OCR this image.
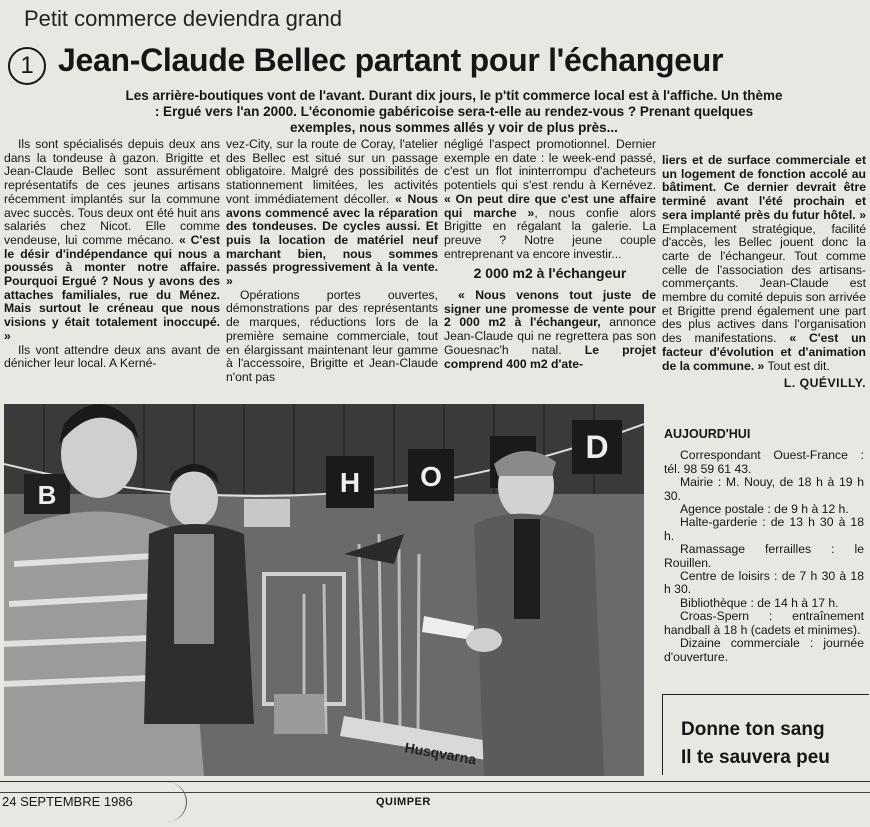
Petit commerce deviendra grand
1 Jean-Claude Bellec partant pour l'échangeur
Les arrière-boutiques vont de l'avant. Durant dix jours, le p'tit commerce local est à l'affiche. Un thème : Ergué vers l'an 2000. L'économie gabéricoise sera-t-elle au rendez-vous ? Prenant quelques exemples, nous sommes allés y voir de plus près...

Ils sont spécialisés depuis deux ans dans la tondeuse à gazon. Brigitte et Jean-Claude Bellec sont assurément représentatifs de ces jeunes artisans récemment implantés sur la commune avec succès. Tous deux ont été huit ans salariés chez Nicot. Elle comme vendeuse, lui comme mécano. « C'est le désir d'indépendance qui nous a poussés à monter notre affaire. Pourquoi Ergué ? Nous y avons des attaches familiales, rue du Ménez. Mais surtout le créneau que nous visions y était totalement inoccupé. »

Ils vont attendre deux ans avant de dénicher leur local. A Kerné-

vez-City, sur la route de Coray, l'atelier des Bellec est situé sur un passage obligatoire. Malgré des possibilités de stationnement limitées, les activités vont immédiatement décoller. « Nous avons commencé avec la réparation des tondeuses. De cycles aussi. Et puis la location de matériel neuf marchant bien, nous sommes passés progressivement à la vente. »

Opérations portes ouvertes, démonstrations par des représentants de marques, réductions lors de la première semaine commerciale, tout en élargissant maintenant leur gamme à l'accessoire, Brigitte et Jean-Claude n'ont pas

négligé l'aspect promotionnel. Dernier exemple en date : le week-end passé, c'est un flot ininterrompu d'acheteurs potentiels qui s'est rendu à Kernévez. « On peut dire que c'est une affaire qui marche », nous confie alors Brigitte en régalant la galerie. La preuve ? Notre jeune couple entreprenant va encore investir...

2 000 m2 à l'échangeur

« Nous venons tout juste de signer une promesse de vente pour 2 000 m2 à l'échangeur, annonce Jean-Claude qui ne regrettera pas son Gouesnac'h natal. Le projet comprend 400 m2 d'ate-

liers et de surface commerciale et un logement de fonction accolé au bâtiment. Ce dernier devrait être terminé avant l'été prochain et sera implanté près du futur hôtel. » Emplacement stratégique, facilité d'accès, les Bellec jouent donc la carte de l'échangeur. Tout comme celle de l'association des artisans-commerçants. Jean-Claude est membre du comité depuis son arrivée et Brigitte prend également une part des plus actives dans l'organisation des manifestations. « C'est un facteur d'évolution et d'animation de la commune. » Tout est dit.

L. QUÉVILLY.
B	H O
D
Husqvarna
AUJOURD'HUI

Correspondant Ouest-France : tél. 98 59 61 43.

Mairie : M. Nouy, de 18 h à 19 h 30.

Agence postale : de 9 h à 12 h.

Halte-garderie : de 13 h 30 à 18 h.

Ramassage ferrailles : le Rouillen.

Centre de loisirs : de 7 h 30 à 18 h 30.

Bibliothèque : de 14 h à 17 h.

Croas-Spern : entraînement handball à 18 h (cadets et minimes).

Dizaine commerciale : journée d'ouverture.

Donne ton sang
Il te sauvera peu
24 SEPTEMBRE 1986	QUIMPER
